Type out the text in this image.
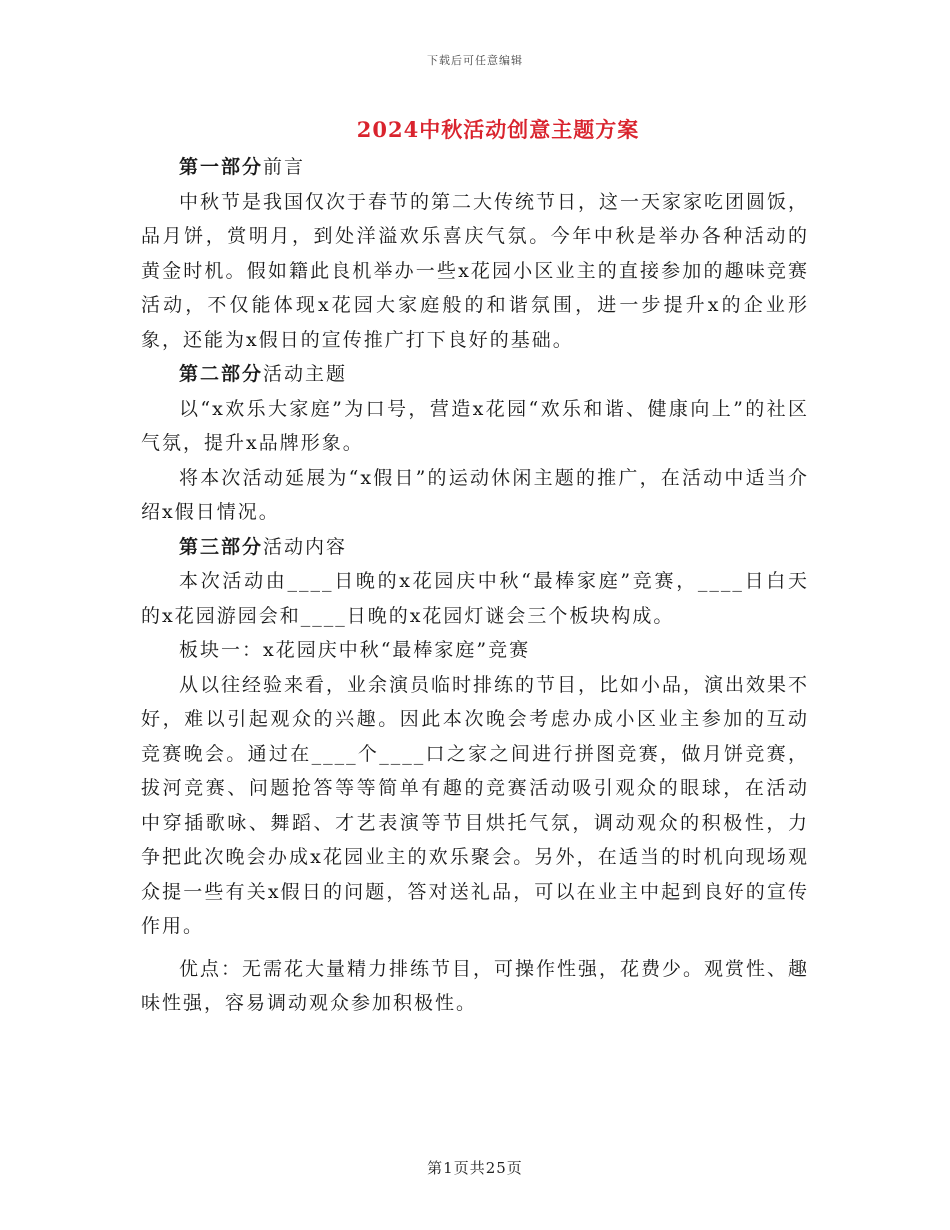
下载后可任意编辑
2024中秋活动创意主题方案

第一部分前言

中秋节是我国仅次于春节的第二大传统节日，这一天家家吃团圆饭，品月饼，赏明月，到处洋溢欢乐喜庆气氛。今年中秋是举办各种活动的黄金时机。假如籍此良机举办一些x花园小区业主的直接参加的趣味竞赛活动，不仅能体现x花园大家庭般的和谐氛围，进一步提升x的企业形象，还能为x假日的宣传推广打下良好的基础。

第二部分活动主题

以“x欢乐大家庭”为口号，营造x花园“欢乐和谐、健康向上”的社区气氛，提升x品牌形象。

将本次活动延展为“x假日”的运动休闲主题的推广，在活动中适当介绍x假日情况。

第三部分活动内容

本次活动由____日晚的x花园庆中秋“最棒家庭”竞赛，____日白天的x花园游园会和____日晚的x花园灯谜会三个板块构成。

板块一：x花园庆中秋“最棒家庭”竞赛

从以往经验来看，业余演员临时排练的节目，比如小品，演出效果不好，难以引起观众的兴趣。因此本次晚会考虑办成小区业主参加的互动竞赛晚会。通过在____个____口之家之间进行拼图竞赛，做月饼竞赛，拔河竞赛、问题抢答等等简单有趣的竞赛活动吸引观众的眼球，在活动中穿插歌咏、舞蹈、才艺表演等节目烘托气氛，调动观众的积极性，力争把此次晚会办成x花园业主的欢乐聚会。另外，在适当的时机向现场观众提一些有关x假日的问题，答对送礼品，可以在业主中起到良好的宣传作用。

优点：无需花大量精力排练节目，可操作性强，花费少。观赏性、趣味性强，容易调动观众参加积极性。

第1页共25页
